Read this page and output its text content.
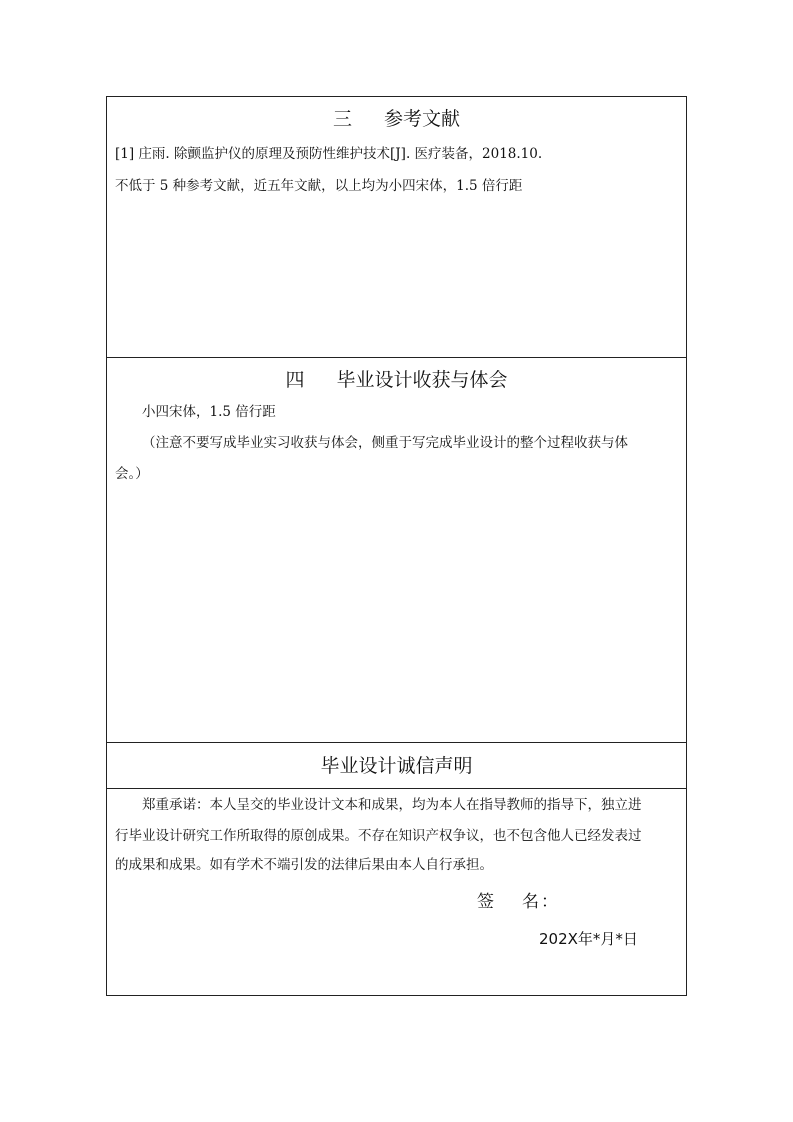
三 参考文献
[1] 庄雨. 除颤监护仪的原理及预防性维护技术[J]. 医疗装备，2018.10.
不低于 5 种参考文献，近五年文献，以上均为小四宋体，1.5 倍行距
四 毕业设计收获与体会
小四宋体，1.5 倍行距
（注意不要写成毕业实习收获与体会，侧重于写完成毕业设计的整个过程收获与体
会。）
毕业设计诚信声明
郑重承诺：本人呈交的毕业设计文本和成果，均为本人在指导教师的指导下，独立进
行毕业设计研究工作所取得的原创成果。不存在知识产权争议，也不包含他人已经发表过
的成果和成果。如有学术不端引发的法律后果由本人自行承担。
签 名：
202X年*月*日
